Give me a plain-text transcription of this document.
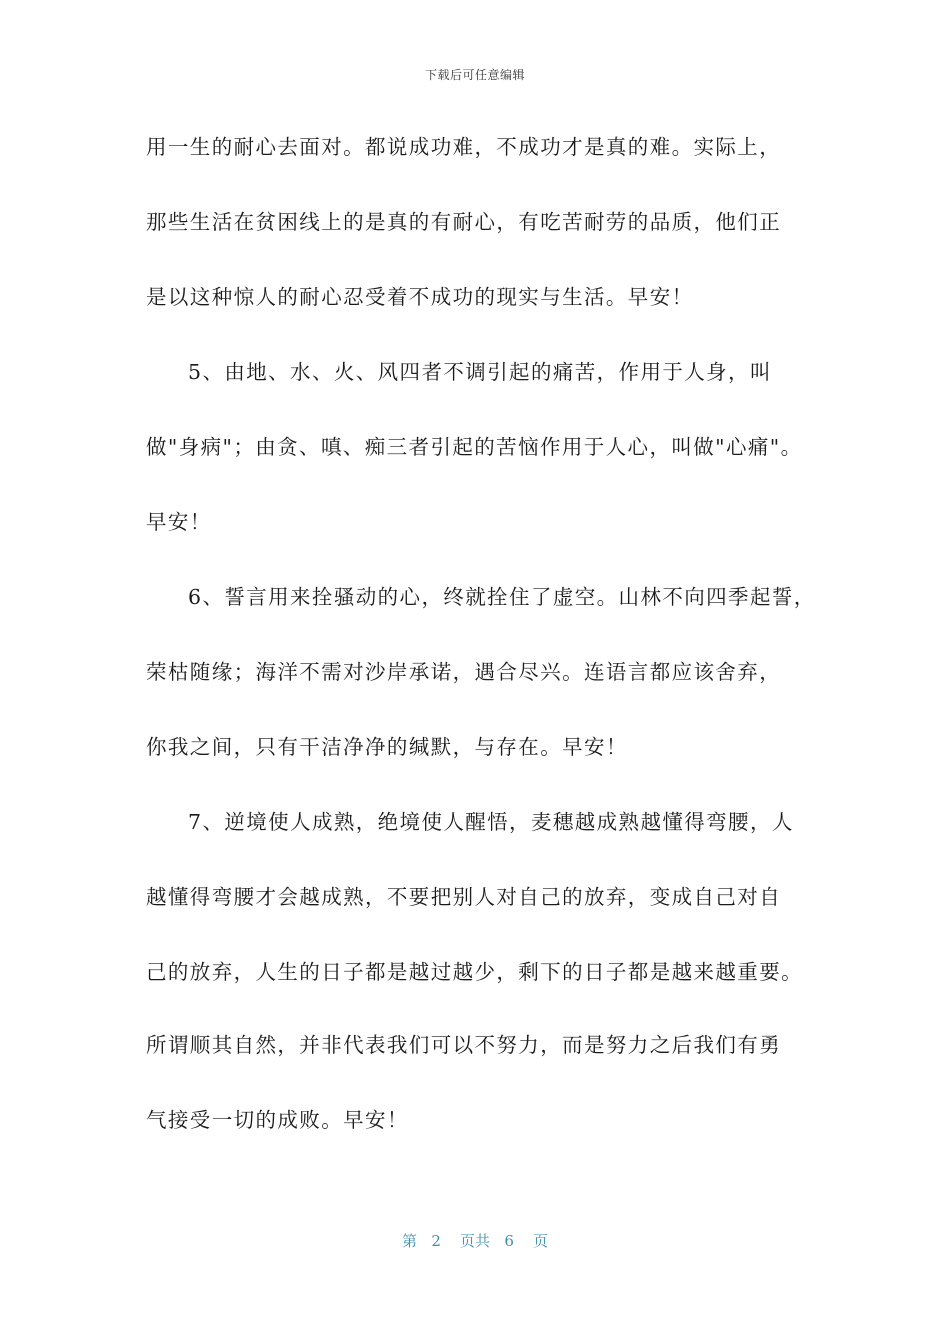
下载后可任意编辑
用一生的耐心去面对。都说成功难，不成功才是真的难。实际上，
那些生活在贫困线上的是真的有耐心，有吃苦耐劳的品质，他们正
是以这种惊人的耐心忍受着不成功的现实与生活。早安！
5、由地、水、火、风四者不调引起的痛苦，作用于人身，叫
做"身病"；由贪、嗔、痴三者引起的苦恼作用于人心，叫做"心痛"。
早安！
6、誓言用来拴骚动的心，终就拴住了虚空。山林不向四季起誓，
荣枯随缘；海洋不需对沙岸承诺，遇合尽兴。连语言都应该舍弃，
你我之间，只有干洁净净的缄默，与存在。早安！
7、逆境使人成熟，绝境使人醒悟，麦穗越成熟越懂得弯腰，人
越懂得弯腰才会越成熟，不要把别人对自己的放弃，变成自己对自
己的放弃，人生的日子都是越过越少，剩下的日子都是越来越重要。
所谓顺其自然，并非代表我们可以不努力，而是努力之后我们有勇
气接受一切的成败。早安！
第 2 页共 6 页
